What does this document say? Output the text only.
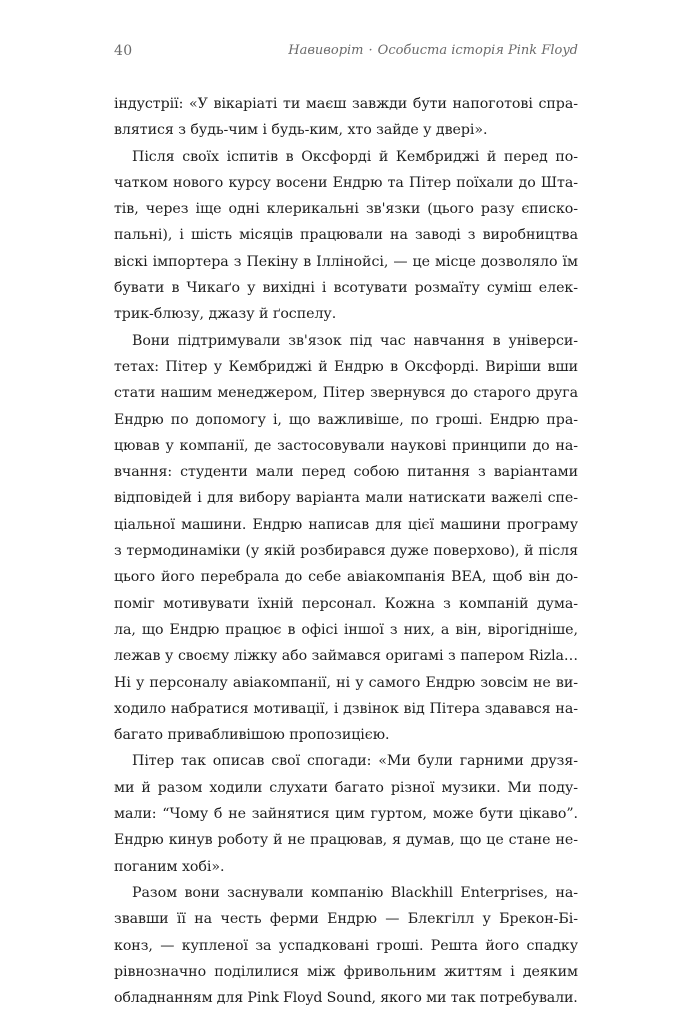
40	Навиворіт · Особиста історія Pink Floyd
індустрії: «У вікаріаті ти маєш завжди бути напоготові спра-
влятися з будь-чим і будь-ким, хто зайде у двері».
Після своїх іспитів в Оксфорді й Кембриджі й перед по-
чатком нового курсу восени Ендрю та Пітер поїхали до Шта-
тів, через іще одні клерикальні зв'язки (цього разу єписко-
пальні), і шість місяців працювали на заводі з виробництва
віскі імпортера з Пекіну в Іллінойсі, — це місце дозволяло їм
бувати в Чикаґо у вихідні і всотувати розмаїту суміш елек-
трик-блюзу, джазу й ґоспелу.
Вони підтримували зв'язок під час навчання в універси-
тетах: Пітер у Кембриджі й Ендрю в Оксфорді. Виріши вши
стати нашим менеджером, Пітер звернувся до старого друга
Ендрю по допомогу і, що важливіше, по гроші. Ендрю пра-
цював у компанії, де застосовували наукові принципи до на-
вчання: студенти мали перед собою питання з варіантами
відповідей і для вибору варіанта мали натискати важелі спе-
ціальної машини. Ендрю написав для цієї машини програму
з термодинаміки (у якій розбирався дуже поверхово), й після
цього його перебрала до себе авіакомпанія BEA, щоб він до-
поміг мотивувати їхній персонал. Кожна з компаній дума-
ла, що Ендрю працює в офісі іншої з них, а він, вірогідніше,
лежав у своєму ліжку або займався оригамі з папером Rizla…
Ні у персоналу авіакомпанії, ні у самого Ендрю зовсім не ви-
ходило набратися мотивації, і дзвінок від Пітера здавався на-
багато привабливішою пропозицією.
Пітер так описав свої спогади: «Ми були гарними друзя-
ми й разом ходили слухати багато різної музики. Ми поду-
мали: “Чому б не зайнятися цим гуртом, може бути цікаво”.
Ендрю кинув роботу й не працював, я думав, що це стане не-
поганим хобі».
Разом вони заснували компанію Blackhill Enterprises, на-
звавши її на честь ферми Ендрю — Блекгілл у Брекон-Бі-
конз, — купленої за успадковані гроші. Решта його спадку
рівнозначно поділилися між фривольним життям і деяким
обладнанням для Pink Floyd Sound, якого ми так потребували.
